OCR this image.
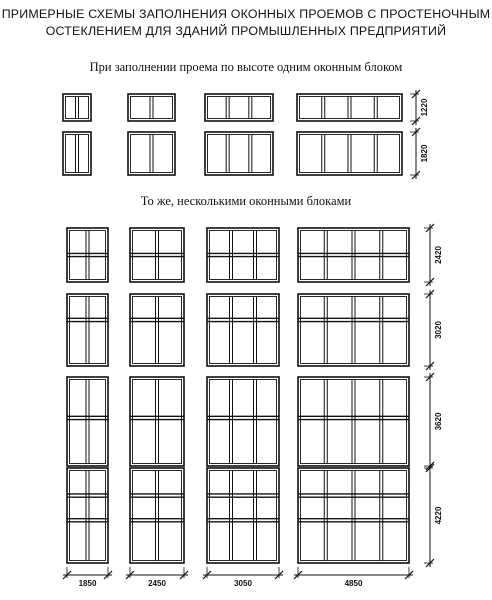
ПРИМЕРНЫЕ СХЕМЫ ЗАПОЛНЕНИЯ ОКОННЫХ ПРОЕМОВ С ПРОСТЕНОЧНЫМ
ОСТЕКЛЕНИЕМ ДЛЯ ЗДАНИЙ ПРОМЫШЛЕННЫХ ПРЕДПРИЯТИЙ
При заполнении проема по высоте одним оконным блоком
То же, несколькими оконными блоками
1220
1820
2420
3020
3620
4220
1850	2450	3050	4850
